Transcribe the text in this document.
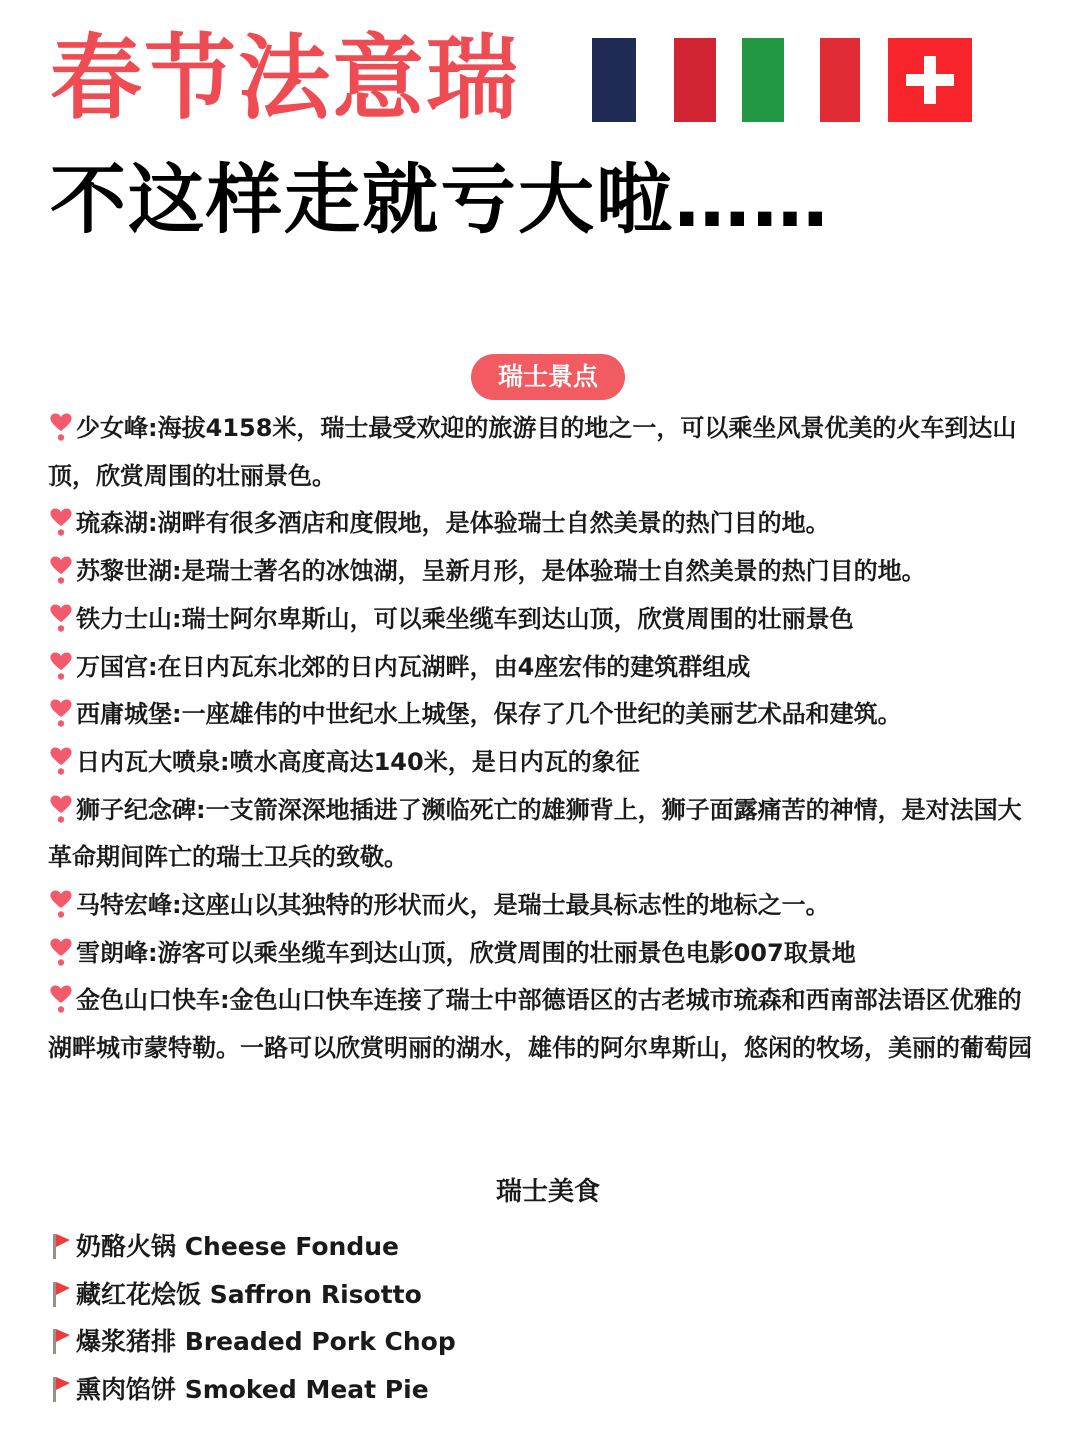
春节法意瑞
不这样走就亏大啦……
瑞士景点
少女峰:海拔4158米，瑞士最受欢迎的旅游目的地之一，可以乘坐风景优美的火车到达山顶，欣赏周围的壮丽景色。
琉森湖:湖畔有很多酒店和度假地，是体验瑞士自然美景的热门目的地。
苏黎世湖:是瑞士著名的冰蚀湖，呈新月形，是体验瑞士自然美景的热门目的地。
铁力士山:瑞士阿尔卑斯山，可以乘坐缆车到达山顶，欣赏周围的壮丽景色
万国宫:在日内瓦东北郊的日内瓦湖畔，由4座宏伟的建筑群组成
西庸城堡:一座雄伟的中世纪水上城堡，保存了几个世纪的美丽艺术品和建筑。
日内瓦大喷泉:喷水高度高达140米，是日内瓦的象征
狮子纪念碑:一支箭深深地插进了濒临死亡的雄狮背上，狮子面露痛苦的神情，是对法国大革命期间阵亡的瑞士卫兵的致敬。
马特宏峰:这座山以其独特的形状而火，是瑞士最具标志性的地标之一。
雪朗峰:游客可以乘坐缆车到达山顶，欣赏周围的壮丽景色电影007取景地
金色山口快车:金色山口快车连接了瑞士中部德语区的古老城市琉森和西南部法语区优雅的湖畔城市蒙特勒。一路可以欣赏明丽的湖水，雄伟的阿尔卑斯山，悠闲的牧场，美丽的葡萄园
瑞士美食
奶酪火锅 Cheese Fondue
藏红花烩饭 Saffron Risotto
爆浆猪排 Breaded Pork Chop
熏肉馅饼 Smoked Meat Pie
